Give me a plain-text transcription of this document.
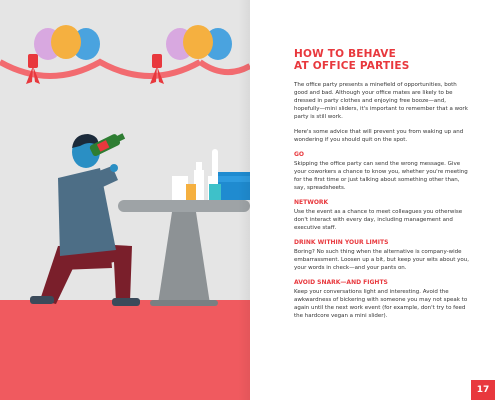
HOW TO BEHAVE
AT OFFICE PARTIES

The office party presents a minefield of opportunities, both good and bad. Although your office mates are likely to be dressed in party clothes and enjoying free booze—and, hopefully—mini sliders, it's important to remember that a work party is still work.

Here's some advice that will prevent you from waking up and wondering if you should quit on the spot.

GO

Skipping the office party can send the wrong message. Give your coworkers a chance to know you, whether you're meeting for the first time or just talking about something other than, say, spreadsheets.

NETWORK

Use the event as a chance to meet colleagues you otherwise don't interact with every day, including management and executive staff.

DRINK WITHIN YOUR LIMITS

Boring? No such thing when the alternative is company-wide embarrassment. Loosen up a bit, but keep your wits about you, your words in check—and your pants on.

AVOID SNARK—AND FIGHTS

Keep your conversations light and interesting. Avoid the awkwardness of bickering with someone you may not speak to again until the next work event (for example, don't try to feed the hardcore vegan a mini slider).

17
